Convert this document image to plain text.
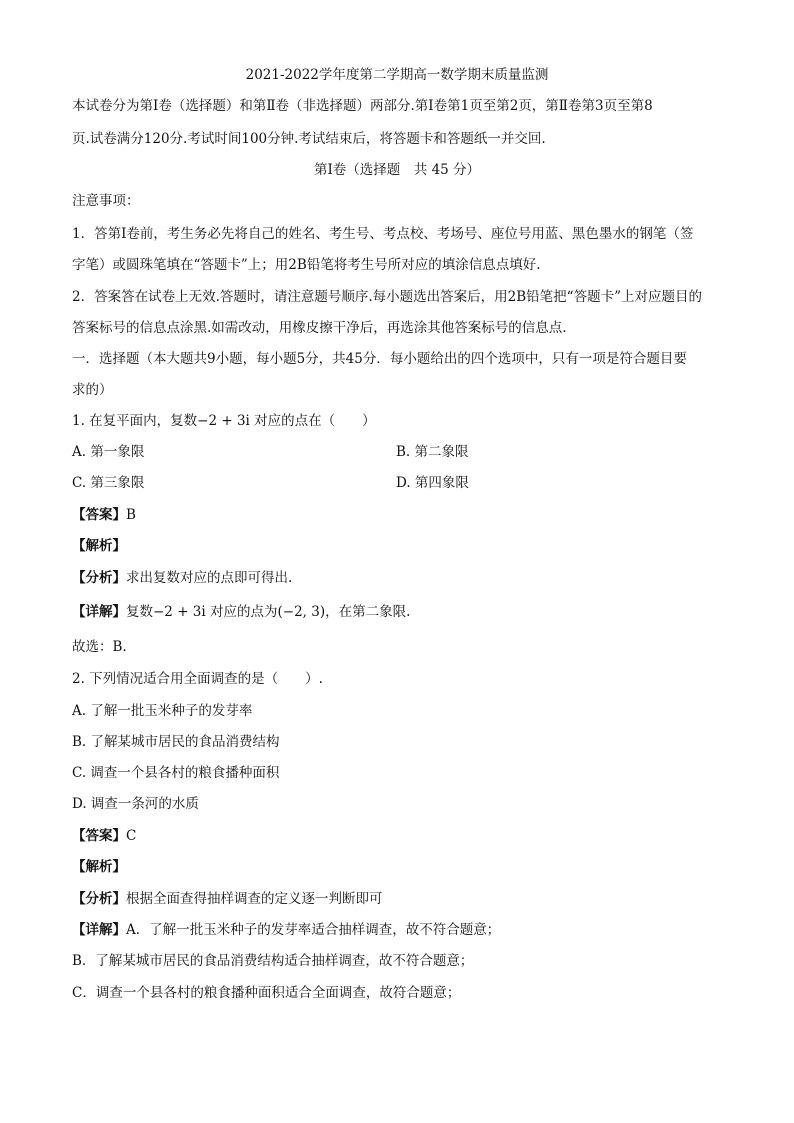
2021-2022学年度第二学期高一数学期末质量监测
本试卷分为第Ⅰ卷（选择题）和第Ⅱ卷（非选择题）两部分.第Ⅰ卷第1页至第2页，第Ⅱ卷第3页至第8
页.试卷满分120分.考试时间100分钟.考试结束后，将答题卡和答题纸一并交回.
第Ⅰ卷（选择题　共 45 分）
注意事项：
1．答第Ⅰ卷前，考生务必先将自己的姓名、考生号、考点校、考场号、座位号用蓝、黑色墨水的钢笔（签
字笔）或圆珠笔填在“答题卡”上；用2B铅笔将考生号所对应的填涂信息点填好.
2．答案答在试卷上无效.答题时，请注意题号顺序.每小题选出答案后，用2B铅笔把“答题卡”上对应题目的
答案标号的信息点涂黑.如需改动，用橡皮擦干净后，再选涂其他答案标号的信息点.
一．选择题（本大题共9小题，每小题5分，共45分．每小题给出的四个选项中，只有一项是符合题目要
求的）
1. 在复平面内，复数−2 + 3i 对应的点在（　　）
A. 第一象限	B. 第二象限
C. 第三象限	D. 第四象限
【答案】B
【解析】
【分析】求出复数对应的点即可得出.
【详解】复数−2 + 3i 对应的点为(−2, 3)，在第二象限.
故选：B.
2. 下列情况适合用全面调查的是（　　）.
A. 了解一批玉米种子的发芽率
B. 了解某城市居民的食品消费结构
C. 调查一个县各村的粮食播种面积
D. 调查一条河的水质
【答案】C
【解析】
【分析】根据全面查得抽样调查的定义逐一判断即可
【详解】A．了解一批玉米种子的发芽率适合抽样调查，故不符合题意；
B．了解某城市居民的食品消费结构适合抽样调查，故不符合题意；
C．调查一个县各村的粮食播种面积适合全面调查，故符合题意；
